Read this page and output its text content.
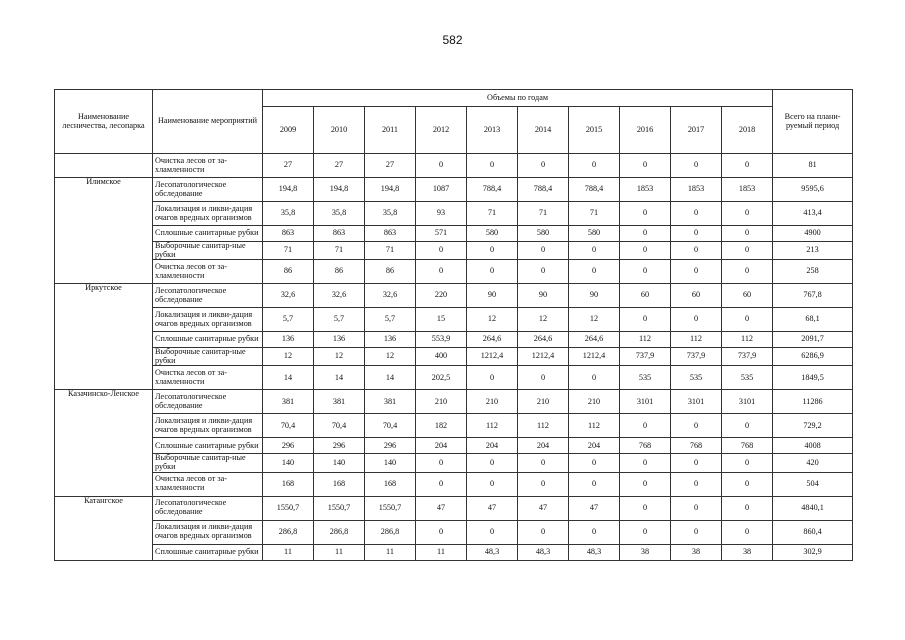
582
Наименование лесничества, лесопарка	Наименование мероприятий	Объемы по годам										Всего на плани-руемый период
		2009	2010	2011	2012	2013	2014	2015	2016	2017	2018	
	Очистка лесов от за-хламленности	27	27	27	0	0	0	0	0	0	0	81
Илимское	Лесопатологическое обследование	194,8	194,8	194,8	1087	788,4	788,4	788,4	1853	1853	1853	9595,6
	Локализация и ликви-дация очагов вредных организмов	35,8	35,8	35,8	93	71	71	71	0	0	0	413,4
	Сплошные санитарные рубки	863	863	863	571	580	580	580	0	0	0	4900
	Выборочные санитар-ные рубки	71	71	71	0	0	0	0	0	0	0	213
	Очистка лесов от за-хламленности	86	86	86	0	0	0	0	0	0	0	258
Иркутское	Лесопатологическое обследование	32,6	32,6	32,6	220	90	90	90	60	60	60	767,8
	Локализация и ликви-дация очагов вредных организмов	5,7	5,7	5,7	15	12	12	12	0	0	0	68,1
	Сплошные санитарные рубки	136	136	136	553,9	264,6	264,6	264,6	112	112	112	2091,7
	Выборочные санитар-ные рубки	12	12	12	400	1212,4	1212,4	1212,4	737,9	737,9	737,9	6286,9
	Очистка лесов от за-хламленности	14	14	14	202,5	0	0	0	535	535	535	1849,5
Казачинско-Ленское	Лесопатологическое обследование	381	381	381	210	210	210	210	3101	3101	3101	11286
	Локализация и ликви-дация очагов вредных организмов	70,4	70,4	70,4	182	112	112	112	0	0	0	729,2
	Сплошные санитарные рубки	296	296	296	204	204	204	204	768	768	768	4008
	Выборочные санитар-ные рубки	140	140	140	0	0	0	0	0	0	0	420
	Очистка лесов от за-хламленности	168	168	168	0	0	0	0	0	0	0	504
Катангское	Лесопатологическое обследование	1550,7	1550,7	1550,7	47	47	47	47	0	0	0	4840,1
	Локализация и ликви-дация очагов вредных организмов	286,8	286,8	286,8	0	0	0	0	0	0	0	860,4
	Сплошные санитарные рубки	11	11	11	11	48,3	48,3	48,3	38	38	38	302,9
